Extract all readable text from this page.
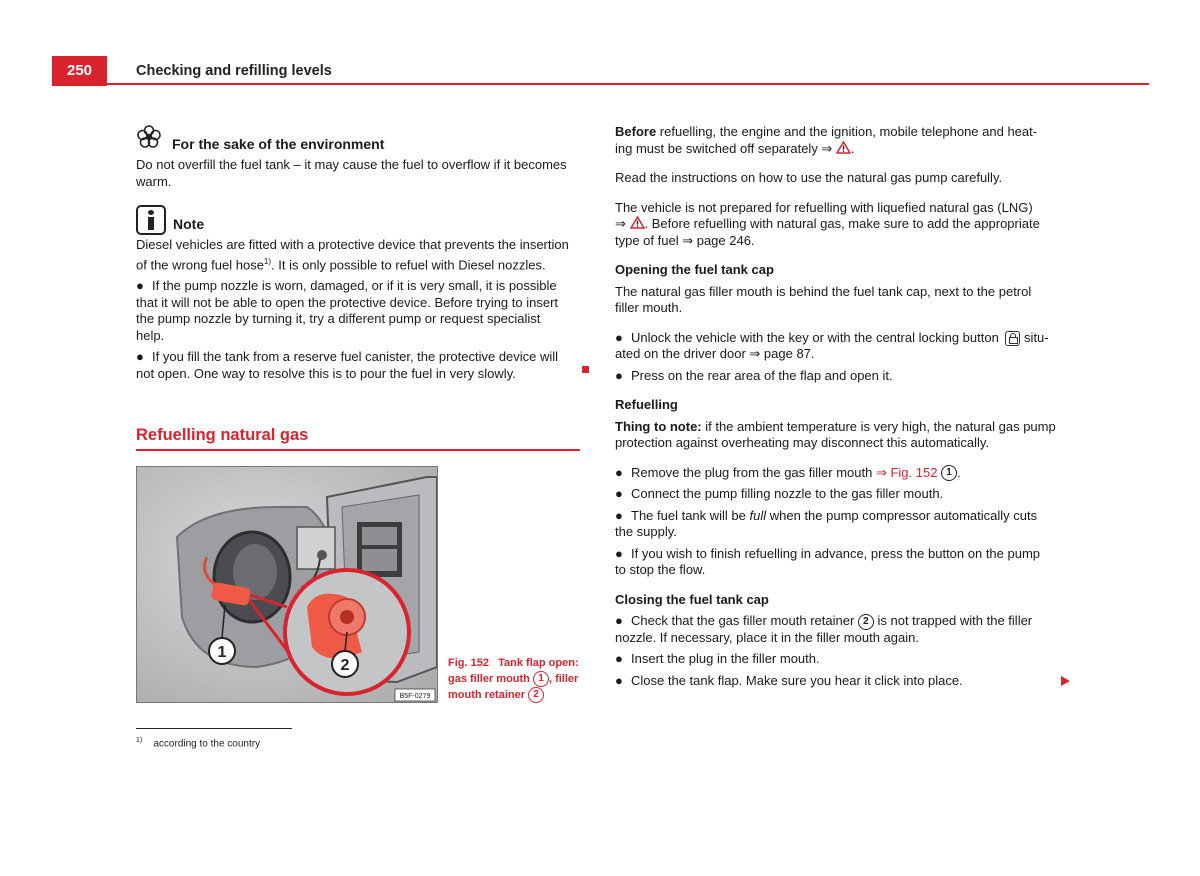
250	Checking and refilling levels
For the sake of the environment
Do not overfill the fuel tank – it may cause the fuel to overflow if it becomes
warm.
Note
Diesel vehicles are fitted with a protective device that prevents the insertion
of the wrong fuel hose$^{1)}$. It is only possible to refuel with Diesel nozzles.
● If the pump nozzle is worn, damaged, or if it is very small, it is possible
that it will not be able to open the protective device. Before trying to insert
the pump nozzle by turning it, try a different pump or request specialist
help.
● If you fill the tank from a reserve fuel canister, the protective device will
not open. One way to resolve this is to pour the fuel in very slowly.
Refuelling natural gas
1
2
B5F-0279
Fig. 152 Tank flap open:
gas filler mouth 1 , filler
mouth retainer 2
$^{1)}$ according to the country
Before refuelling, the engine and the ignition, mobile telephone and heat-
ing must be switched off separately ⇒ .
Read the instructions on how to use the natural gas pump carefully.
The vehicle is not prepared for refuelling with liquefied natural gas (LNG)
⇒ . Before refuelling with natural gas, make sure to add the appropriate
type of fuel ⇒ page 246.
Opening the fuel tank cap
The natural gas filler mouth is behind the fuel tank cap, next to the petrol
filler mouth.
● Unlock the vehicle with the key or with the central locking button
situ-
ated on the driver door ⇒ page 87.
● Press on the rear area of the flap and open it.
Refuelling
Thing to note: if the ambient temperature is very high, the natural gas pump
protection against overheating may disconnect this automatically.
● Remove the plug from the gas filler mouth ⇒ Fig. 152 1 .
● Connect the pump filling nozzle to the gas filler mouth.
● The fuel tank will be full when the pump compressor automatically cuts
the supply.
● If you wish to finish refuelling in advance, press the button on the pump
to stop the flow.
Closing the fuel tank cap
● Check that the gas filler mouth retainer 2 is not trapped with the filler
nozzle. If necessary, place it in the filler mouth again.
● Insert the plug in the filler mouth.
● Close the tank flap. Make sure you hear it click into place.
